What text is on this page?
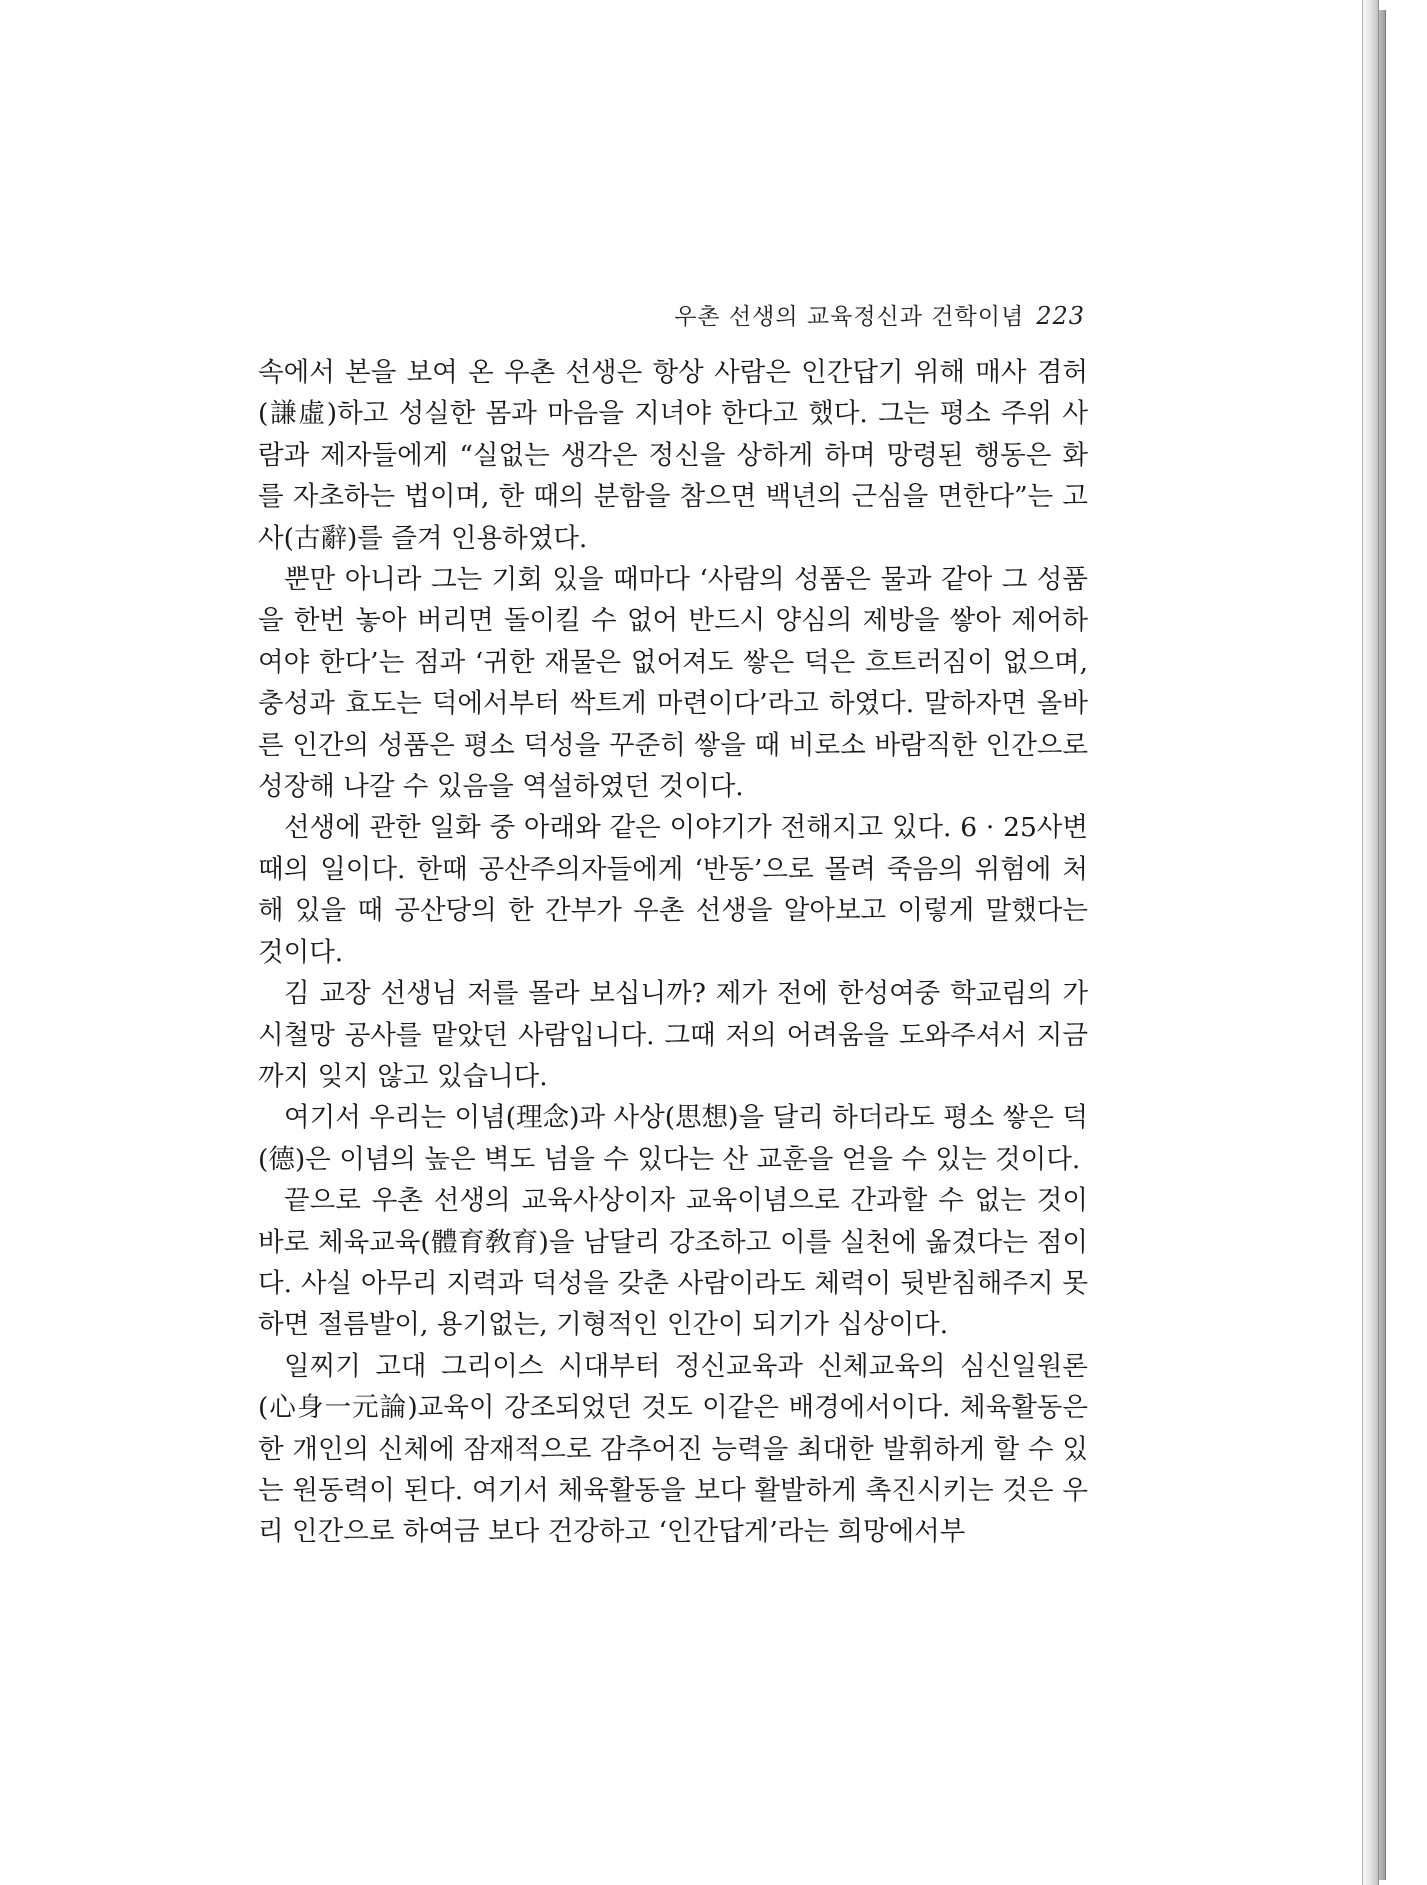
우촌 선생의 교육정신과 건학이념 223

속에서 본을 보여 온 우촌 선생은 항상 사람은 인간답기 위해 매사 겸허(謙虛)하고 성실한 몸과 마음을 지녀야 한다고 했다. 그는 평소 주위 사람과 제자들에게 “실없는 생각은 정신을 상하게 하며 망령된 행동은 화를 자초하는 법이며, 한 때의 분함을 참으면 백년의 근심을 면한다”는 고사(古辭)를 즐겨 인용하였다.

뿐만 아니라 그는 기회 있을 때마다 ‘사람의 성품은 물과 같아 그 성품을 한번 놓아 버리면 돌이킬 수 없어 반드시 양심의 제방을 쌓아 제어하여야 한다’는 점과 ‘귀한 재물은 없어져도 쌓은 덕은 흐트러짐이 없으며, 충성과 효도는 덕에서부터 싹트게 마련이다’라고 하였다. 말하자면 올바른 인간의 성품은 평소 덕성을 꾸준히 쌓을 때 비로소 바람직한 인간으로 성장해 나갈 수 있음을 역설하였던 것이다.

선생에 관한 일화 중 아래와 같은 이야기가 전해지고 있다. 6 · 25사변 때의 일이다. 한때 공산주의자들에게 ‘반동’으로 몰려 죽음의 위험에 처해 있을 때 공산당의 한 간부가 우촌 선생을 알아보고 이렇게 말했다는 것이다.

김 교장 선생님 저를 몰라 보십니까? 제가 전에 한성여중 학교림의 가시철망 공사를 맡았던 사람입니다. 그때 저의 어려움을 도와주셔서 지금까지 잊지 않고 있습니다.

여기서 우리는 이념(理念)과 사상(思想)을 달리 하더라도 평소 쌓은 덕(德)은 이념의 높은 벽도 넘을 수 있다는 산 교훈을 얻을 수 있는 것이다.

끝으로 우촌 선생의 교육사상이자 교육이념으로 간과할 수 없는 것이 바로 체육교육(體育敎育)을 남달리 강조하고 이를 실천에 옮겼다는 점이다. 사실 아무리 지력과 덕성을 갖춘 사람이라도 체력이 뒷받침해주지 못하면 절름발이, 용기없는, 기형적인 인간이 되기가 십상이다.

일찌기 고대 그리이스 시대부터 정신교육과 신체교육의 심신일원론(心身一元論)교육이 강조되었던 것도 이같은 배경에서이다. 체육활동은 한 개인의 신체에 잠재적으로 감추어진 능력을 최대한 발휘하게 할 수 있는 원동력이 된다. 여기서 체육활동을 보다 활발하게 촉진시키는 것은 우리 인간으로 하여금 보다 건강하고 ‘인간답게’라는 희망에서부
